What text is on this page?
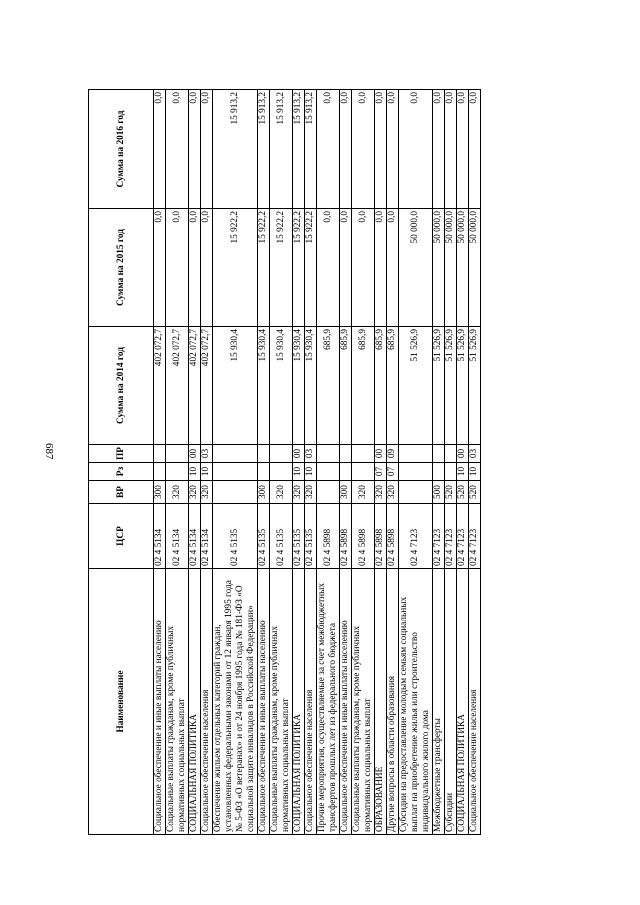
687
Наименование	ЦСР	ВР	Рз	ПР	Сумма на 2014 год	Сумма на 2015 год	Сумма на 2016 год
Социальное обеспечение и иные выплаты населению	02 4 5134	300			402 072,7	0,0	0,0
Социальные выплаты гражданам, кроме публичных нормативных социальных выплат	02 4 5134	320			402 072,7	0,0	0,0
СОЦИАЛЬНАЯ ПОЛИТИКА	02 4 5134	320	10	00	402 072,7	0,0	0,0
Социальное обеспечение населения	02 4 5134	320	10	03	402 072,7	0,0	0,0
Обеспечение жильем отдельных категорий граждан, установленных федеральными законами от 12 января 1995 года № 5-ФЗ «О ветеранах» и от 24 ноября 1995 года № 181-ФЗ «О социальной защите инвалидов в Российской Федерации»	02 4 5135				15 930,4	15 922,2	15 913,2
Социальное обеспечение и иные выплаты населению	02 4 5135	300			15 930,4	15 922,2	15 913,2
Социальные выплаты гражданам, кроме публичных нормативных социальных выплат	02 4 5135	320			15 930,4	15 922,2	15 913,2
СОЦИАЛЬНАЯ ПОЛИТИКА	02 4 5135	320	10	00	15 930,4	15 922,2	15 913,2
Социальное обеспечение населения	02 4 5135	320	10	03	15 930,4	15 922,2	15 913,2
Прочие мероприятия, осуществляемые за счет межбюджетных трансфертов прошлых лет из федерального бюджета	02 4 5898				685,9	0,0	0,0
Социальное обеспечение и иные выплаты населению	02 4 5898	300			685,9	0,0	0,0
Социальные выплаты гражданам, кроме публичных нормативных социальных выплат	02 4 5898	320			685,9	0,0	0,0
ОБРАЗОВАНИЕ	02 4 5898	320	07	00	685,9	0,0	0,0
Другие вопросы в области образования	02 4 5898	320	07	09	685,9	0,0	0,0
Субсидии на предоставление молодым семьям социальных выплат на приобретение жилья или строительство индивидуального жилого дома	02 4 7123				51 526,9	50 000,0	0,0
Межбюджетные трансферты	02 4 7123	500			51 526,9	50 000,0	0,0
Субсидии	02 4 7123	520			51 526,9	50 000,0	0,0
СОЦИАЛЬНАЯ ПОЛИТИКА	02 4 7123	520	10	00	51 526,9	50 000,0	0,0
Социальное обеспечение населения	02 4 7123	520	10	03	51 526,9	50 000,0	0,0
